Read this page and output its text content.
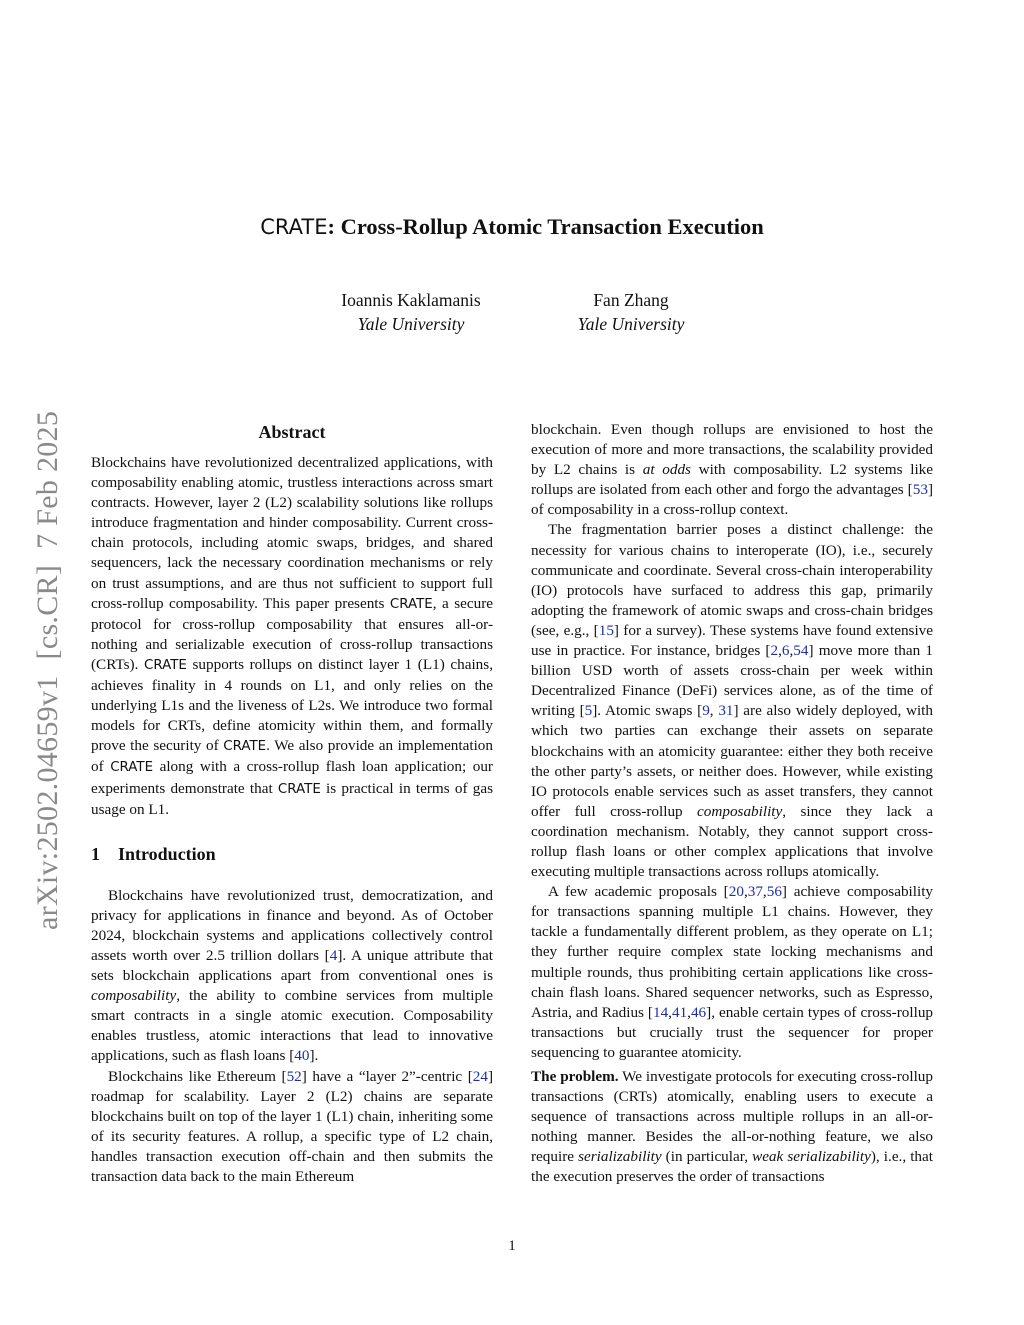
arXiv:2502.04659v1[cs.CR]7 Feb 2025
CRATE: Cross-Rollup Atomic Transaction Execution
Ioannis Kaklamanis
Yale University
Fan Zhang
Yale University
Abstract

Blockchains have revolutionized decentralized applications, with composability enabling atomic, trustless interactions across smart contracts. However, layer 2 (L2) scalability solutions like rollups introduce fragmentation and hinder composability. Current cross-chain protocols, including atomic swaps, bridges, and shared sequencers, lack the necessary coordination mechanisms or rely on trust assumptions, and are thus not sufficient to support full cross-rollup composability. This paper presents CRATE, a secure protocol for cross-rollup composability that ensures all-or-nothing and serializable execution of cross-rollup transactions (CRTs). CRATE supports rollups on distinct layer 1 (L1) chains, achieves finality in 4 rounds on L1, and only relies on the underlying L1s and the liveness of L2s. We introduce two formal models for CRTs, define atomicity within them, and formally prove the security of CRATE. We also provide an implementation of CRATE along with a cross-rollup flash loan application; our experiments demonstrate that CRATE is practical in terms of gas usage on L1.

1 Introduction

Blockchains have revolutionized trust, democratization, and privacy for applications in finance and beyond. As of October 2024, blockchain systems and applications collectively control assets worth over 2.5 trillion dollars [4]. A unique attribute that sets blockchain applications apart from conventional ones is composability, the ability to combine services from multiple smart contracts in a single atomic execution. Composability enables trustless, atomic interactions that lead to innovative applications, such as flash loans [40].

Blockchains like Ethereum [52] have a “layer 2”-centric [24] roadmap for scalability. Layer 2 (L2) chains are separate blockchains built on top of the layer 1 (L1) chain, inheriting some of its security features. A rollup, a specific type of L2 chain, handles transaction execution off-chain and then submits the transaction data back to the main Ethereum

blockchain. Even though rollups are envisioned to host the execution of more and more transactions, the scalability provided by L2 chains is at odds with composability. L2 systems like rollups are isolated from each other and forgo the advantages [53] of composability in a cross-rollup context.

The fragmentation barrier poses a distinct challenge: the necessity for various chains to interoperate (IO), i.e., securely communicate and coordinate. Several cross-chain interoperability (IO) protocols have surfaced to address this gap, primarily adopting the framework of atomic swaps and cross-chain bridges (see, e.g., [15] for a survey). These systems have found extensive use in practice. For instance, bridges [2,6,54] move more than 1 billion USD worth of assets cross-chain per week within Decentralized Finance (DeFi) services alone, as of the time of writing [5]. Atomic swaps [9, 31] are also widely deployed, with which two parties can exchange their assets on separate blockchains with an atomicity guarantee: either they both receive the other party’s assets, or neither does. However, while existing IO protocols enable services such as asset transfers, they cannot offer full cross-rollup composability, since they lack a coordination mechanism. Notably, they cannot support cross-rollup flash loans or other complex applications that involve executing multiple transactions across rollups atomically.

A few academic proposals [20,37,56] achieve composability for transactions spanning multiple L1 chains. However, they tackle a fundamentally different problem, as they operate on L1; they further require complex state locking mechanisms and multiple rounds, thus prohibiting certain applications like cross-chain flash loans. Shared sequencer networks, such as Espresso, Astria, and Radius [14,41,46], enable certain types of cross-rollup transactions but crucially trust the sequencer for proper sequencing to guarantee atomicity.

The problem. We investigate protocols for executing cross-rollup transactions (CRTs) atomically, enabling users to execute a sequence of transactions across multiple rollups in an all-or-nothing manner. Besides the all-or-nothing feature, we also require serializability (in particular, weak serializability), i.e., that the execution preserves the order of transactions

1
